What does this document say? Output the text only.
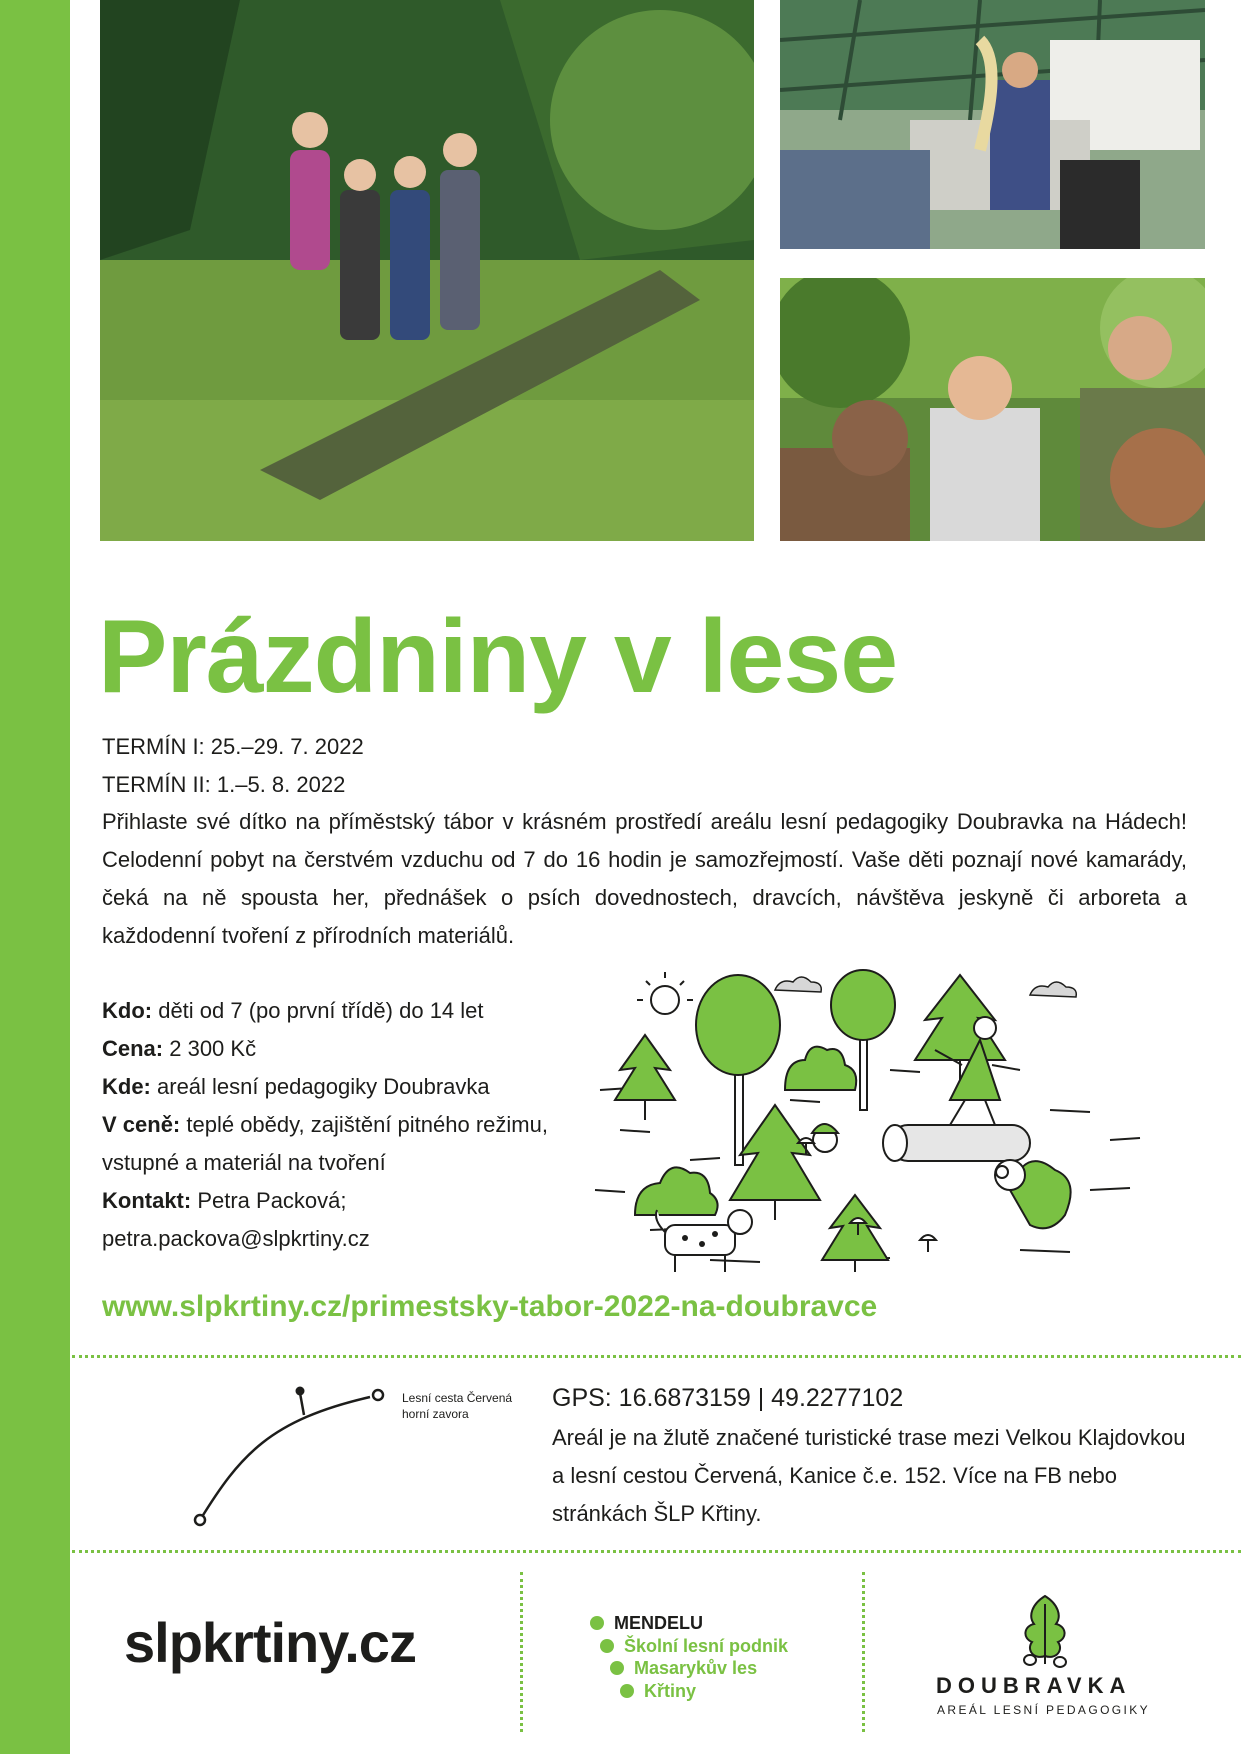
Prázdniny v lese
TERMÍN I: 25.–29. 7. 2022
TERMÍN II: 1.–5. 8. 2022

Přihlaste své dítko na příměstský tábor v krásném prostředí areálu lesní pedagogiky Doubravka na Hádech! Celodenní pobyt na čerstvém vzduchu od 7 do 16 hodin je samozřejmostí. Vaše děti poznají nové kamarády, čeká na ně spousta her, přednášek o psích dovednostech, dravcích, návštěva jeskyně či arboreta a každodenní tvoření z přírodních materiálů.

Kdo: děti od 7 (po první třídě) do 14 let
Cena: 2 300 Kč
Kde: areál lesní pedagogiky Doubravka
V ceně: teplé obědy, zajištění pitného režimu, vstupné a materiál na tvoření
Kontakt: Petra Packová; petra.packova@slpkrtiny.cz
www.slpkrtiny.cz/primestsky-tabor-2022-na-doubravce
Lesní cesta Červená
horní zavora
GPS: 16.6873159 | 49.2277102
Areál je na žlutě značené turistické trase mezi Velkou Klajdovkou a lesní cestou Červená, Kanice č.e. 152. Více na FB nebo stránkách ŠLP Křtiny.
slpkrtiny.cz	MENDELU
Školní lesní podnik
Masarykův les
Křtiny	DOUBRAVKA
AREÁL LESNÍ PEDAGOGIKY
